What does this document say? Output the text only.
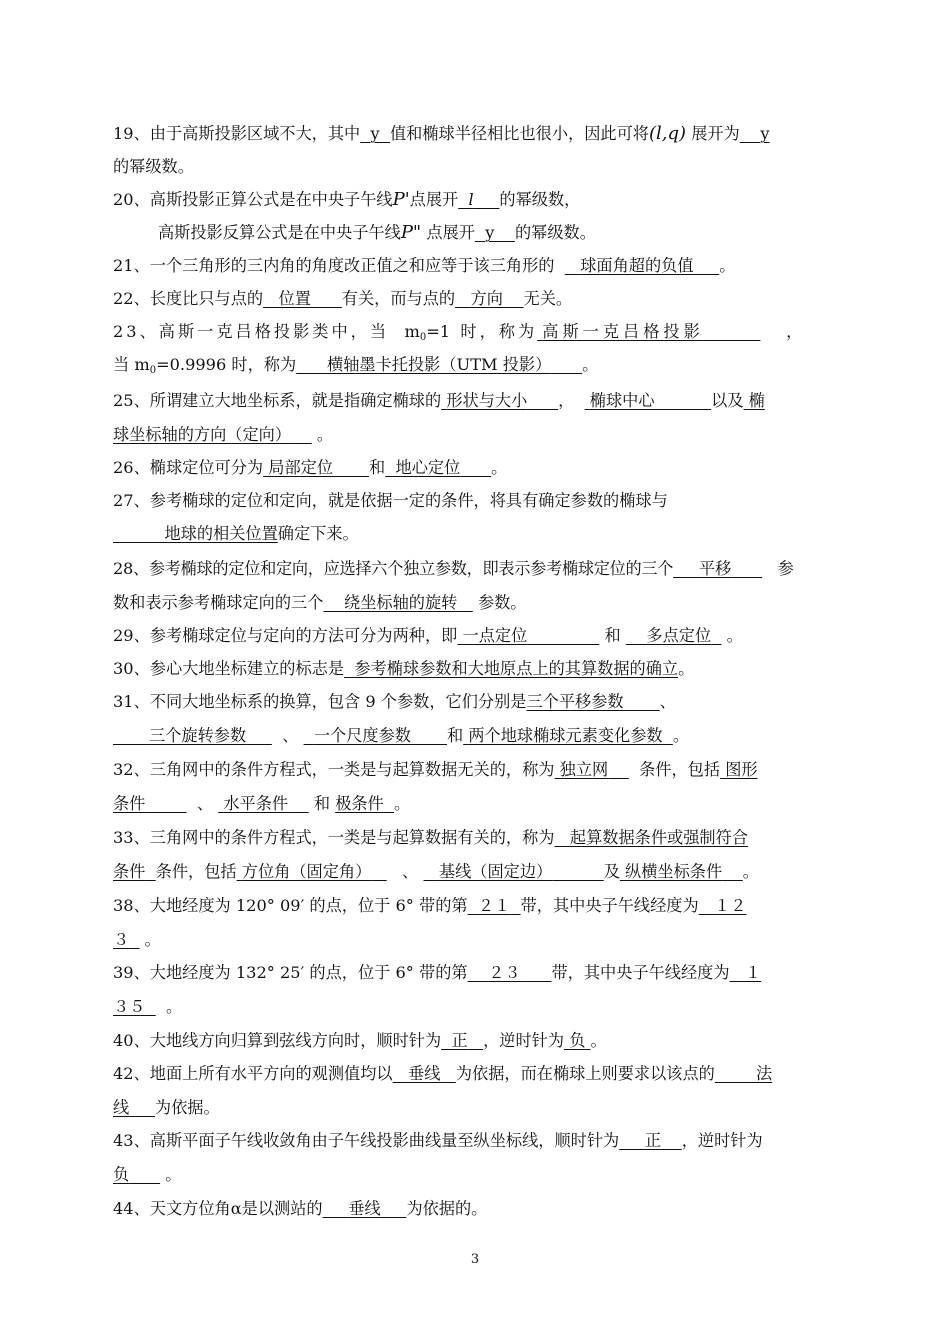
19、由于高斯投影区域不大，其中 y 值和椭球半径相比也很小，因此可将(l,q) 展开为 y
的幂级数。
20、高斯投影正算公式是在中央子午线P'点展开 l 的幂级数，
高斯投影反算公式是在中央子午线P" 点展开 y 的幂级数。
21、一个三角形的三内角的角度改正值之和应等于该三角形的 球面角超的负值 。
22、长度比只与点的 位置 有关，而与点的 方向 无关。
23、高斯一克吕格投影类中，当 $m_0=1$ 时，称为 高斯一克吕格投影	，
当 $m_0=0.9996$ 时，称为 横轴墨卡托投影（UTM 投影） 。
25、所谓建立大地坐标系，就是指确定椭球的 形状与大小 ， 椭球中心	以及 椭
球坐标轴的方向（定向） 。
26、椭球定位可分为 局部定位 和 地心定位 。
27、参考椭球的定位和定向，就是依据一定的条件，将具有确定参数的椭球与
地球的相关位置确定下来。
28、参考椭球的定位和定向，应选择六个独立参数，即表示参考椭球定位的三个 平移	参
数和表示参考椭球定向的三个 绕坐标轴的旋转 参数。
29、参考椭球定位与定向的方法可分为两种，即 一点定位	和 多点定位 。
30、参心大地坐标建立的标志是 参考椭球参数和大地原点上的其算数据的确立。
31、不同大地坐标系的换算，包含 9 个参数，它们分别是三个平移参数 、
三个旋转参数 、 一个尺度参数 和 两个地球椭球元素变化参数 。
32、三角网中的条件方程式，一类是与起算数据无关的，称为 独立网 条件，包括 图形
条件	、 水平条件 和 极条件 。
33、三角网中的条件方程式，一类是与起算数据有关的，称为 起算数据条件或强制符合
条件 条件，包括 方位角（固定角） 、 基线（固定边）	及 纵横坐标条件 。
38、大地经度为 120° 09′ 的点，位于 6° 带的第 ２１ 带，其中央子午线经度为 １２
３ 。
39、大地经度为 132° 25′ 的点，位于 6° 带的第 ２３ 带，其中央子午线经度为 １
３５ 。
40、大地线方向归算到弦线方向时，顺时针为 正 ，逆时针为 负 。
42、地面上所有水平方向的观测值均以 垂线 为依据，而在椭球上则要求以该点的	法
线 为依据。
43、高斯平面子午线收敛角由子午线投影曲线量至纵坐标线，顺时针为 正 ，逆时针为
负 。
44、天文方位角α是以测站的 垂线 为依据的。
3
